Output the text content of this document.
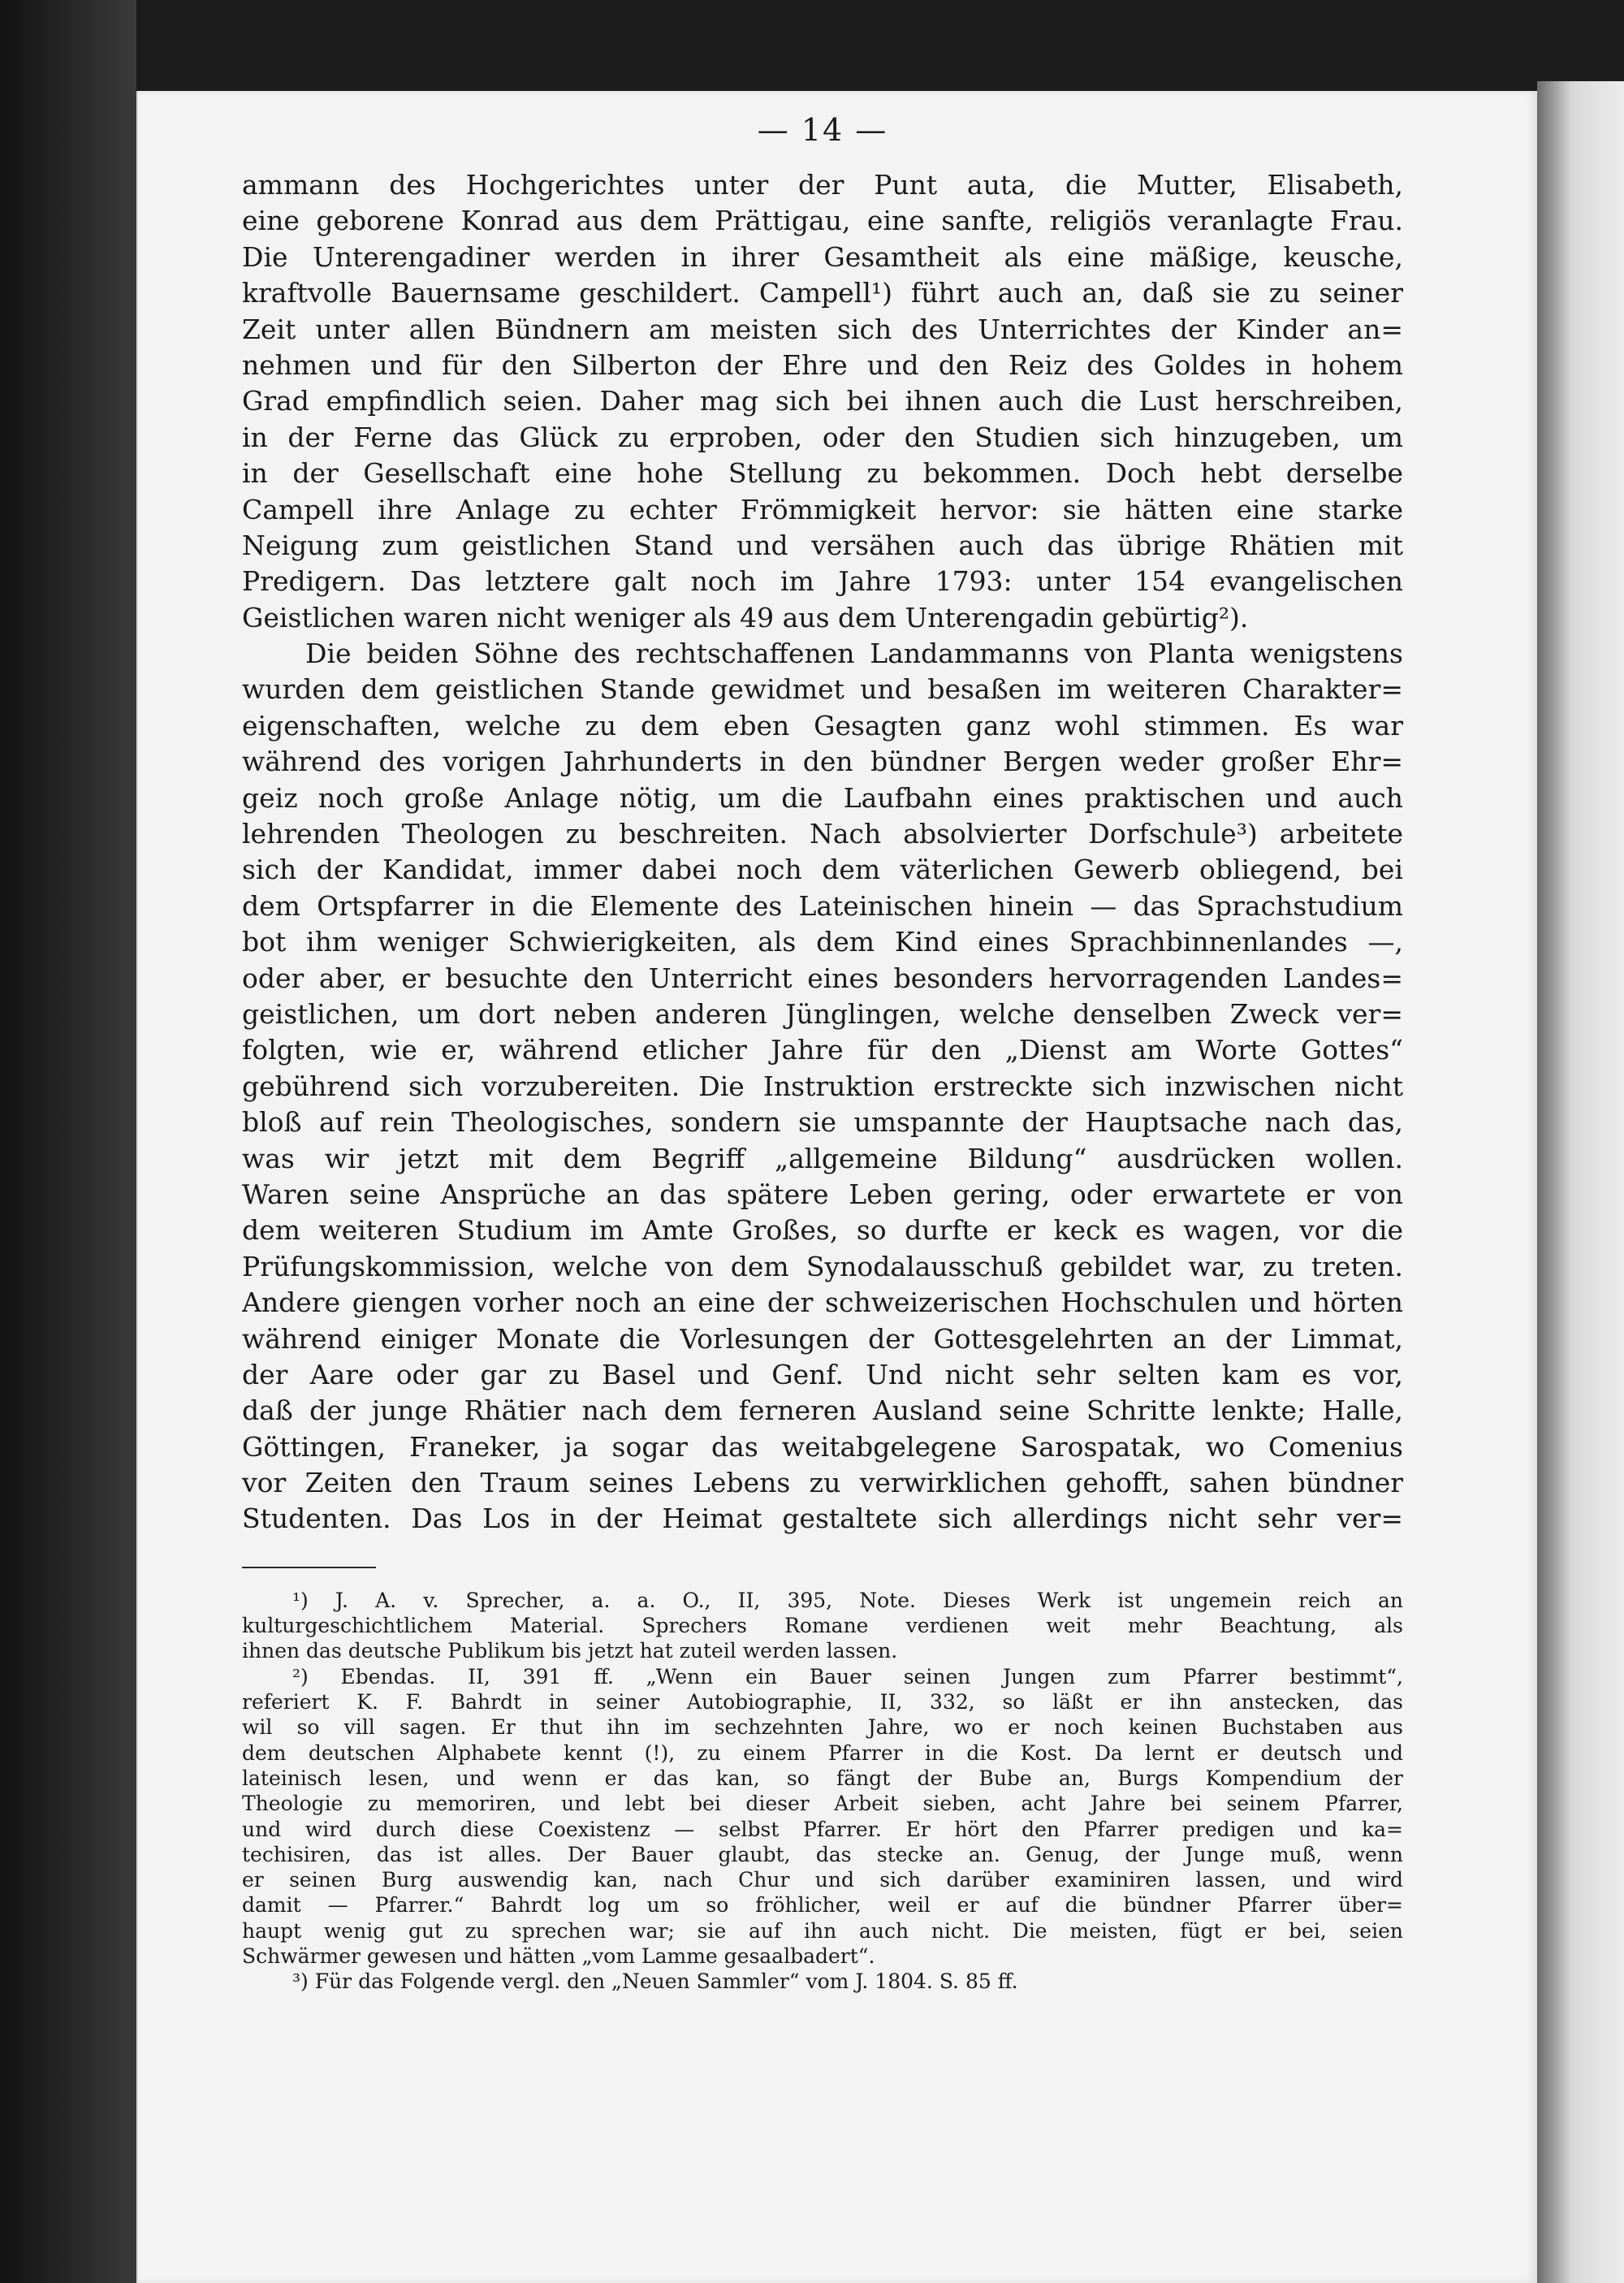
— 14 —
ammann des Hochgerichtes unter der Punt auta, die Mutter, Elisabeth,
eine geborene Konrad aus dem Prättigau, eine sanfte, religiös veranlagte Frau.
Die Unterengadiner werden in ihrer Gesamtheit als eine mäßige, keusche,
kraftvolle Bauernsame geschildert. Campell¹) führt auch an, daß sie zu seiner
Zeit unter allen Bündnern am meisten sich des Unterrichtes der Kinder an=
nehmen und für den Silberton der Ehre und den Reiz des Goldes in hohem
Grad empfindlich seien. Daher mag sich bei ihnen auch die Lust herschreiben,
in der Ferne das Glück zu erproben, oder den Studien sich hinzugeben, um
in der Gesellschaft eine hohe Stellung zu bekommen. Doch hebt derselbe
Campell ihre Anlage zu echter Frömmigkeit hervor: sie hätten eine starke
Neigung zum geistlichen Stand und versähen auch das übrige Rhätien mit
Predigern. Das letztere galt noch im Jahre 1793: unter 154 evangelischen
Geistlichen waren nicht weniger als 49 aus dem Unterengadin gebürtig²).
Die beiden Söhne des rechtschaffenen Landammanns von Planta wenigstens
wurden dem geistlichen Stande gewidmet und besaßen im weiteren Charakter=
eigenschaften, welche zu dem eben Gesagten ganz wohl stimmen. Es war
während des vorigen Jahrhunderts in den bündner Bergen weder großer Ehr=
geiz noch große Anlage nötig, um die Laufbahn eines praktischen und auch
lehrenden Theologen zu beschreiten. Nach absolvierter Dorfschule³) arbeitete
sich der Kandidat, immer dabei noch dem väterlichen Gewerb obliegend, bei
dem Ortspfarrer in die Elemente des Lateinischen hinein — das Sprachstudium
bot ihm weniger Schwierigkeiten, als dem Kind eines Sprachbinnenlandes —,
oder aber, er besuchte den Unterricht eines besonders hervorragenden Landes=
geistlichen, um dort neben anderen Jünglingen, welche denselben Zweck ver=
folgten, wie er, während etlicher Jahre für den „Dienst am Worte Gottes“
gebührend sich vorzubereiten. Die Instruktion erstreckte sich inzwischen nicht
bloß auf rein Theologisches, sondern sie umspannte der Hauptsache nach das,
was wir jetzt mit dem Begriff „allgemeine Bildung“ ausdrücken wollen.
Waren seine Ansprüche an das spätere Leben gering, oder erwartete er von
dem weiteren Studium im Amte Großes, so durfte er keck es wagen, vor die
Prüfungskommission, welche von dem Synodalausschuß gebildet war, zu treten.
Andere giengen vorher noch an eine der schweizerischen Hochschulen und hörten
während einiger Monate die Vorlesungen der Gottesgelehrten an der Limmat,
der Aare oder gar zu Basel und Genf. Und nicht sehr selten kam es vor,
daß der junge Rhätier nach dem ferneren Ausland seine Schritte lenkte; Halle,
Göttingen, Franeker, ja sogar das weitabgelegene Sarospatak, wo Comenius
vor Zeiten den Traum seines Lebens zu verwirklichen gehofft, sahen bündner
Studenten. Das Los in der Heimat gestaltete sich allerdings nicht sehr ver=
¹) J. A. v. Sprecher, a. a. O., II, 395, Note. Dieses Werk ist ungemein reich an
kulturgeschichtlichem Material. Sprechers Romane verdienen weit mehr Beachtung, als
ihnen das deutsche Publikum bis jetzt hat zuteil werden lassen.
²) Ebendas. II, 391 ff. „Wenn ein Bauer seinen Jungen zum Pfarrer bestimmt“,
referiert K. F. Bahrdt in seiner Autobiographie, II, 332, so läßt er ihn anstecken, das
wil so vill sagen. Er thut ihn im sechzehnten Jahre, wo er noch keinen Buchstaben aus
dem deutschen Alphabete kennt (!), zu einem Pfarrer in die Kost. Da lernt er deutsch und
lateinisch lesen, und wenn er das kan, so fängt der Bube an, Burgs Kompendium der
Theologie zu memoriren, und lebt bei dieser Arbeit sieben, acht Jahre bei seinem Pfarrer,
und wird durch diese Coexistenz — selbst Pfarrer. Er hört den Pfarrer predigen und ka=
techisiren, das ist alles. Der Bauer glaubt, das stecke an. Genug, der Junge muß, wenn
er seinen Burg auswendig kan, nach Chur und sich darüber examiniren lassen, und wird
damit — Pfarrer.“ Bahrdt log um so fröhlicher, weil er auf die bündner Pfarrer über=
haupt wenig gut zu sprechen war; sie auf ihn auch nicht. Die meisten, fügt er bei, seien
Schwärmer gewesen und hätten „vom Lamme gesaalbadert“.
³) Für das Folgende vergl. den „Neuen Sammler“ vom J. 1804. S. 85 ff.
